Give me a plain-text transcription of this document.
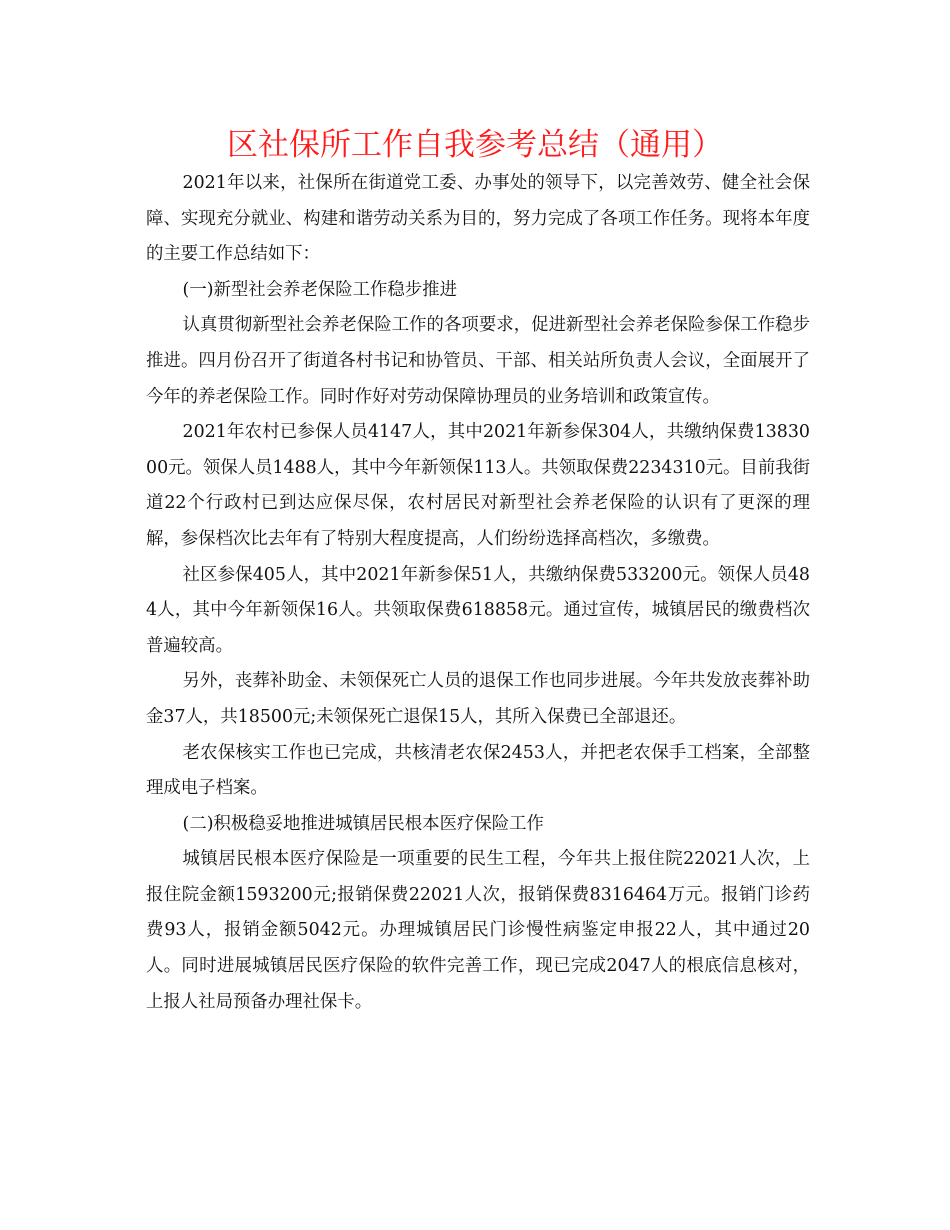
区社保所工作自我参考总结（通用）

2021年以来，社保所在街道党工委、办事处的领导下，以完善效劳、健全社会保障、实现充分就业、构建和谐劳动关系为目的，努力完成了各项工作任务。现将本年度的主要工作总结如下：

(一)新型社会养老保险工作稳步推进

认真贯彻新型社会养老保险工作的各项要求，促进新型社会养老保险参保工作稳步推进。四月份召开了街道各村书记和协管员、干部、相关站所负责人会议，全面展开了今年的养老保险工作。同时作好对劳动保障协理员的业务培训和政策宣传。

2021年农村已参保人员4147人，其中2021年新参保304人，共缴纳保费1383000元。领保人员1488人，其中今年新领保113人。共领取保费2234310元。目前我街道22个行政村已到达应保尽保，农村居民对新型社会养老保险的认识有了更深的理解，参保档次比去年有了特别大程度提高，人们纷纷选择高档次，多缴费。

社区参保405人，其中2021年新参保51人，共缴纳保费533200元。领保人员484人，其中今年新领保16人。共领取保费618858元。通过宣传，城镇居民的缴费档次普遍较高。

另外，丧葬补助金、未领保死亡人员的退保工作也同步进展。今年共发放丧葬补助金37人，共18500元;未领保死亡退保15人，其所入保费已全部退还。

老农保核实工作也已完成，共核清老农保2453人，并把老农保手工档案，全部整理成电子档案。

(二)积极稳妥地推进城镇居民根本医疗保险工作

城镇居民根本医疗保险是一项重要的民生工程，今年共上报住院22021人次，上报住院金额1593200元;报销保费22021人次，报销保费8316464万元。报销门诊药费93人，报销金额5042元。办理城镇居民门诊慢性病鉴定申报22人，其中通过20人。同时进展城镇居民医疗保险的软件完善工作，现已完成2047人的根底信息核对，上报人社局预备办理社保卡。
